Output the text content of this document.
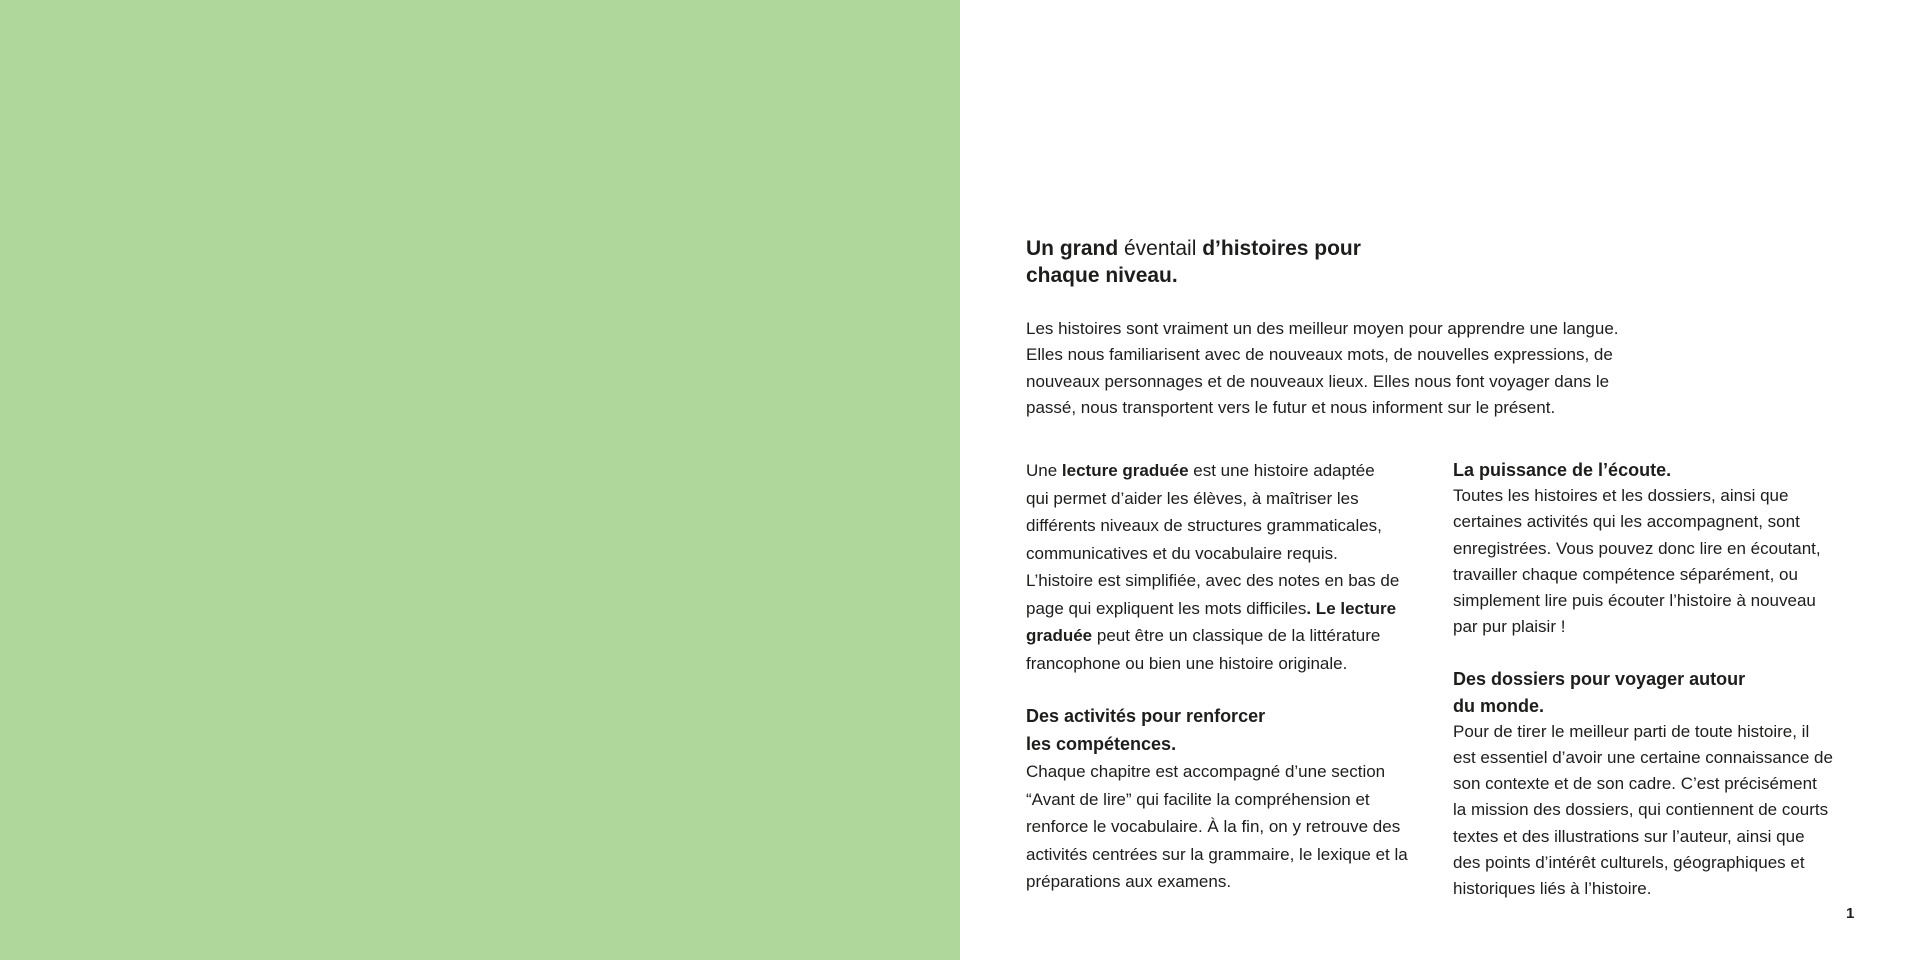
Un grand éventail d’histoires pour
chaque niveau.
Les histoires sont vraiment un des meilleur moyen pour apprendre une langue.
Elles nous familiarisent avec de nouveaux mots, de nouvelles expressions, de
nouveaux personnages et de nouveaux lieux. Elles nous font voyager dans le
passé, nous transportent vers le futur et nous informent sur le présent.
Une lecture graduée est une histoire adaptée
qui permet d’aider les élèves, à maîtriser les
différents niveaux de structures grammaticales,
communicatives et du vocabulaire requis.
L’histoire est simplifiée, avec des notes en bas de
page qui expliquent les mots difficiles. Le lecture
graduée peut être un classique de la littérature
francophone ou bien une histoire originale.
Des activités pour renforcer
les compétences.
Chaque chapitre est accompagné d’une section
“Avant de lire” qui facilite la compréhension et
renforce le vocabulaire. À la fin, on y retrouve des
activités centrées sur la grammaire, le lexique et la
préparations aux examens.
La puissance de l’écoute.
Toutes les histoires et les dossiers, ainsi que
certaines activités qui les accompagnent, sont
enregistrées. Vous pouvez donc lire en écoutant,
travailler chaque compétence séparément, ou
simplement lire puis écouter l’histoire à nouveau
par pur plaisir !
Des dossiers pour voyager autour
du monde.
Pour de tirer le meilleur parti de toute histoire, il
est essentiel d’avoir une certaine connaissance de
son contexte et de son cadre. C’est précisément
la mission des dossiers, qui contiennent de courts
textes et des illustrations sur l’auteur, ainsi que
des points d’intérêt culturels, géographiques et
historiques liés à l’histoire.
1
